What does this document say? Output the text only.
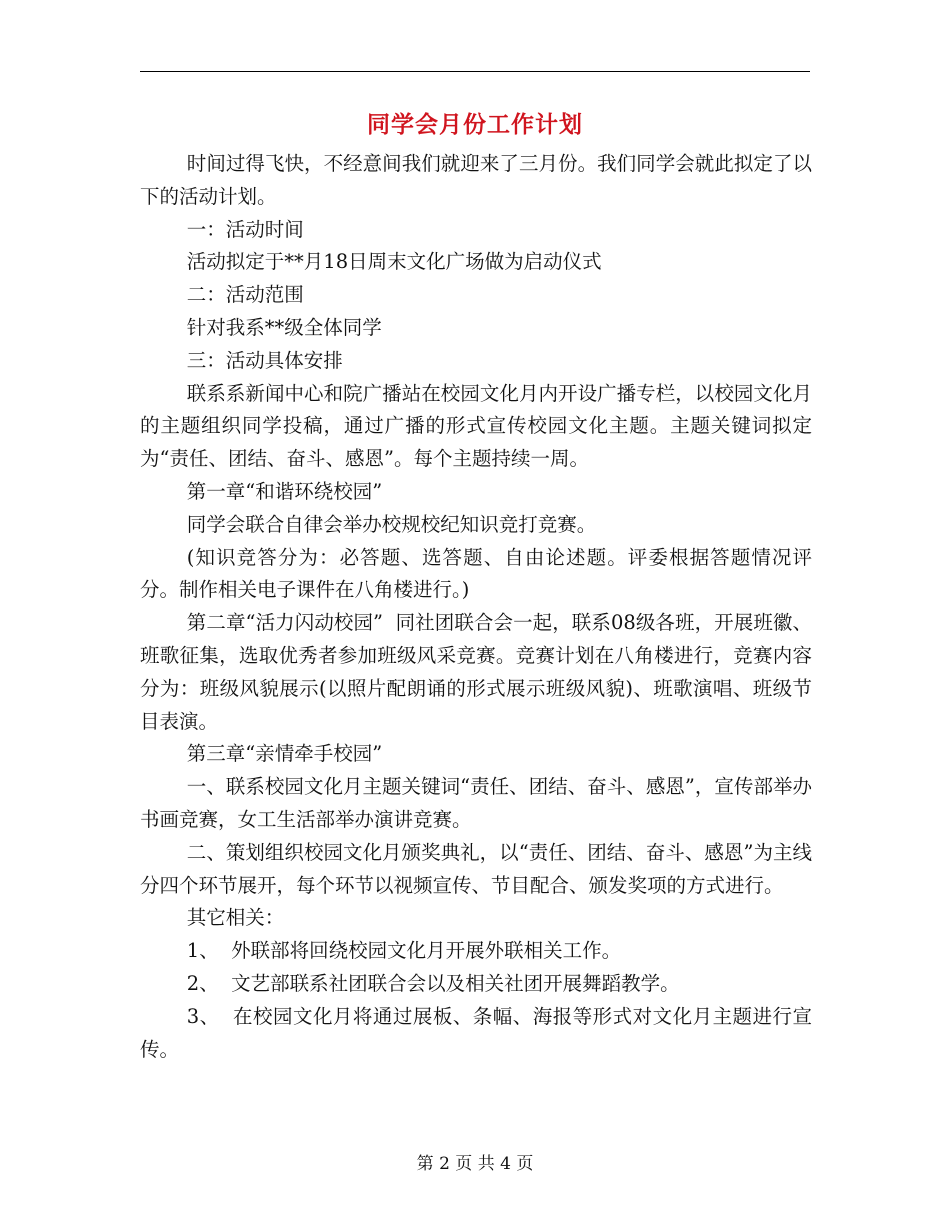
同学会月份工作计划

时间过得飞快，不经意间我们就迎来了三月份。我们同学会就此拟定了以下的活动计划。

一：活动时间

活动拟定于**月18日周末文化广场做为启动仪式

二：活动范围

针对我系**级全体同学

三：活动具体安排

联系系新闻中心和院广播站在校园文化月内开设广播专栏，以校园文化月的主题组织同学投稿，通过广播的形式宣传校园文化主题。主题关键词拟定为“责任、团结、奋斗、感恩”。每个主题持续一周。

第一章“和谐环绕校园”

同学会联合自律会举办校规校纪知识竞打竞赛。

(知识竞答分为：必答题、选答题、自由论述题。评委根据答题情况评分。制作相关电子课件在八角楼进行。)

第二章“活力闪动校园”  同社团联合会一起，联系08级各班，开展班徽、班歌征集，选取优秀者参加班级风采竞赛。竞赛计划在八角楼进行，竞赛内容分为：班级风貌展示(以照片配朗诵的形式展示班级风貌)、班歌演唱、班级节目表演。

第三章“亲情牵手校园”

一、联系校园文化月主题关键词“责任、团结、奋斗、感恩”，宣传部举办书画竞赛，女工生活部举办演讲竞赛。

二、策划组织校园文化月颁奖典礼，以“责任、团结、奋斗、感恩”为主线分四个环节展开，每个环节以视频宣传、节目配合、颁发奖项的方式进行。

其它相关：

1、  外联部将回绕校园文化月开展外联相关工作。

2、  文艺部联系社团联合会以及相关社团开展舞蹈教学。

3、  在校园文化月将通过展板、条幅、海报等形式对文化月主题进行宣传。

第 2 页 共 4 页
